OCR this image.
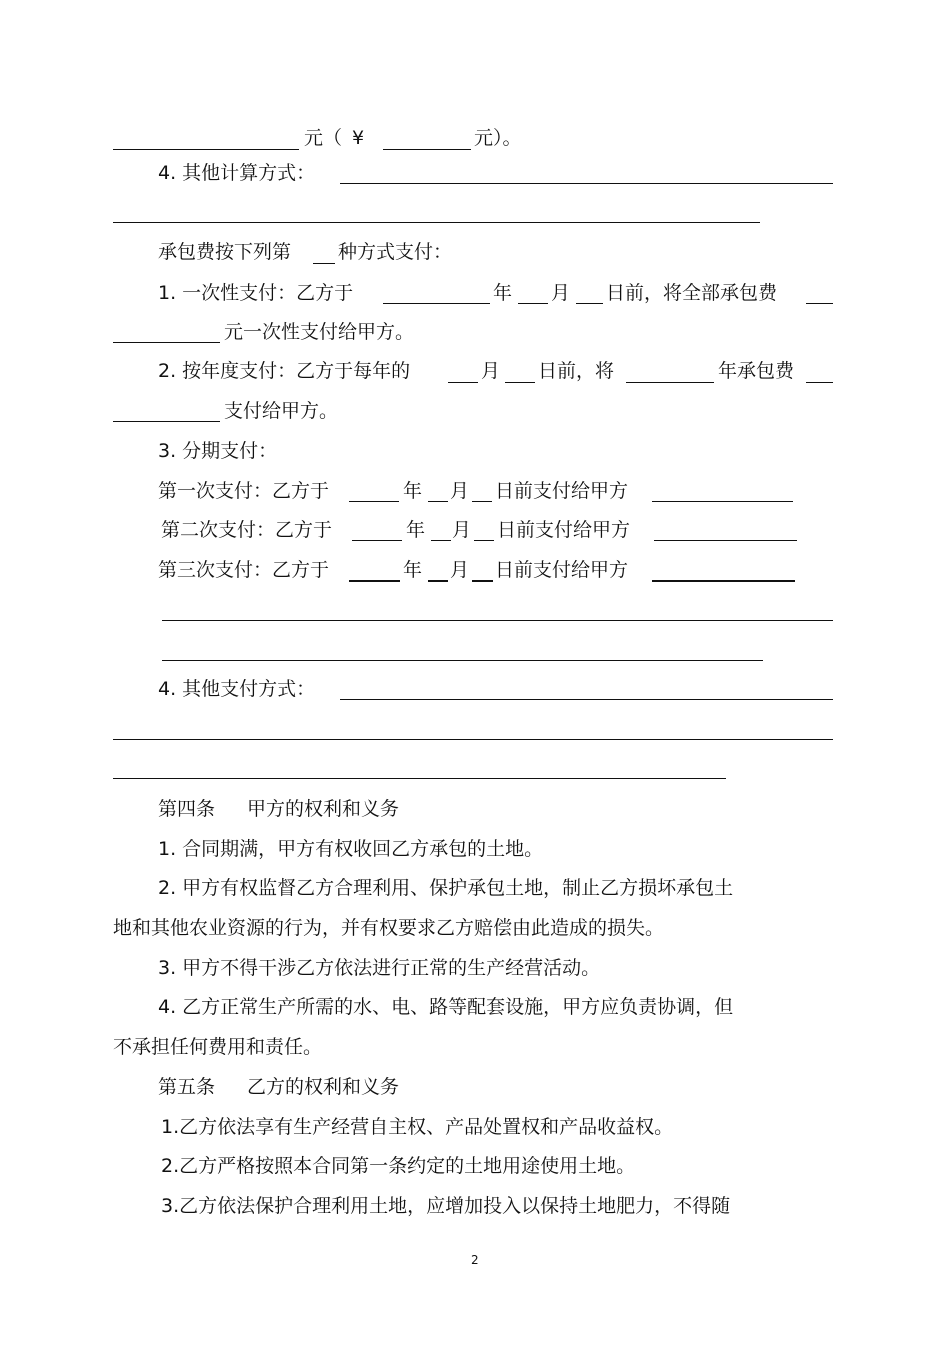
元（ ¥	元）。
4. 其他计算方式：
承包费按下列第 种方式支付：
1. 一次性支付：乙方于	年 月 日前，将全部承包费
元一次性支付给甲方。
2. 按年度支付：乙方于每年的	月 日前，将	年承包费
支付给甲方。
3. 分期支付：
第一次支付：乙方于	年 月 日前支付给甲方
第二次支付：乙方于	年 月 日前支付给甲方
第三次支付：乙方于	年 月 日前支付给甲方
4. 其他支付方式：
第四条 甲方的权利和义务
1. 合同期满，甲方有权收回乙方承包的土地。
2. 甲方有权监督乙方合理利用、保护承包土地，制止乙方损坏承包土
地和其他农业资源的行为，并有权要求乙方赔偿由此造成的损失。
3. 甲方不得干涉乙方依法进行正常的生产经营活动。
4. 乙方正常生产所需的水、电、路等配套设施，甲方应负责协调，但
不承担任何费用和责任。
第五条 乙方的权利和义务
1.乙方依法享有生产经营自主权、产品处置权和产品收益权。
2.乙方严格按照本合同第一条约定的土地用途使用土地。
3.乙方依法保护合理利用土地，应增加投入以保持土地肥力，不得随
2
